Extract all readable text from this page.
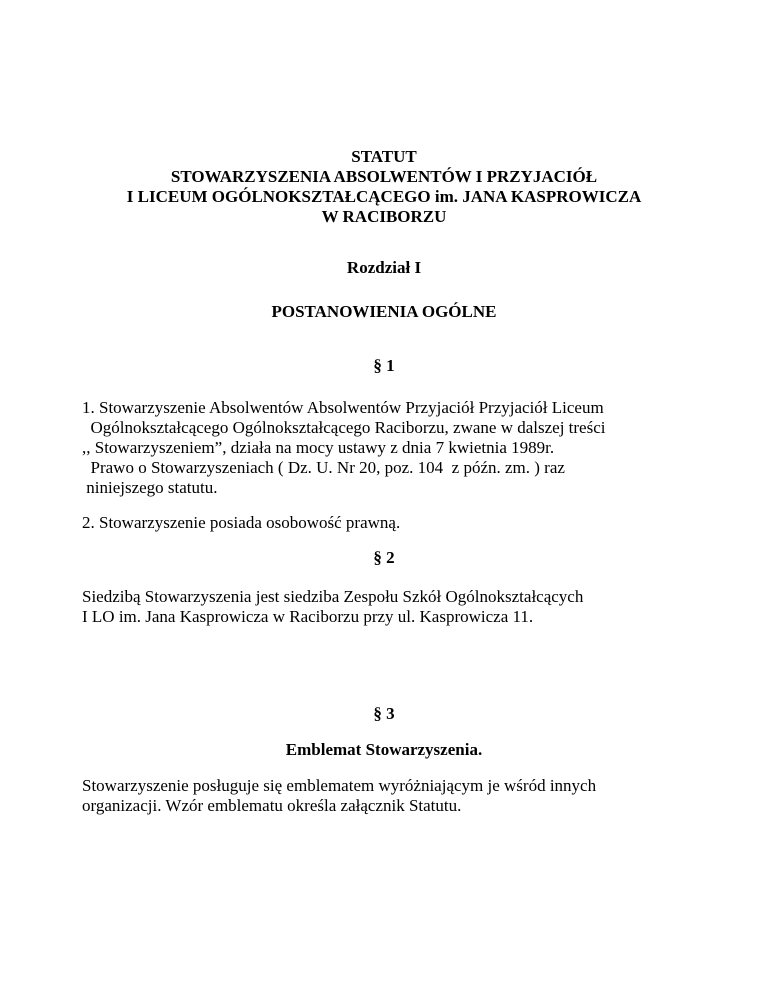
STATUT
STOWARZYSZENIA ABSOLWENTÓW I PRZYJACIÓŁ
I LICEUM OGÓLNOKSZTAŁCĄCEGO im. JANA KASPROWICZA
W RACIBORZU
Rozdział I
POSTANOWIENIA OGÓLNE
§ 1
1. Stowarzyszenie Absolwentów Absolwentów Przyjaciół Przyjaciół Liceum
Ogólnokształcącego Ogólnokształcącego Raciborzu, zwane w dalszej treści
,, Stowarzyszeniem”, działa na mocy ustawy z dnia 7 kwietnia 1989r.
Prawo o Stowarzyszeniach ( Dz. U. Nr 20, poz. 104  z późn. zm. ) raz
niniejszego statutu.
2. Stowarzyszenie posiada osobowość prawną.
§ 2
Siedzibą Stowarzyszenia jest siedziba Zespołu Szkół Ogólnokształcących
I LO im. Jana Kasprowicza w Raciborzu przy ul. Kasprowicza 11.
§ 3
Emblemat Stowarzyszenia.
Stowarzyszenie posługuje się emblematem wyróżniającym je wśród innych
organizacji. Wzór emblematu określa załącznik Statutu.
